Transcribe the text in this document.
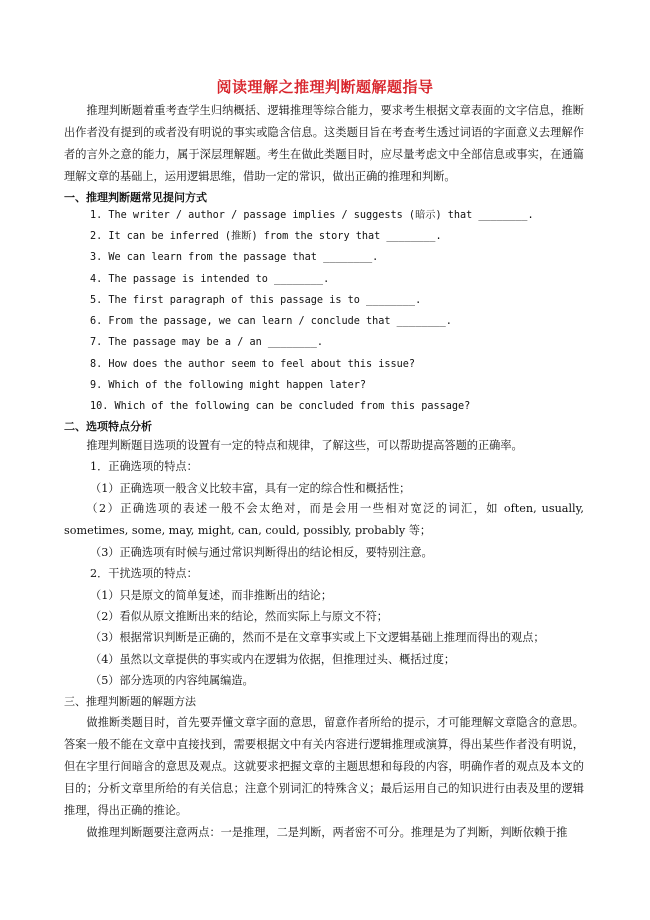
阅读理解之推理判断题解题指导
推理判断题着重考查学生归纳概括、逻辑推理等综合能力，要求考生根据文章表面的文字信息，推断出作者没有提到的或者没有明说的事实或隐含信息。这类题目旨在考查考生透过词语的字面意义去理解作者的言外之意的能力，属于深层理解题。考生在做此类题目时，应尽量考虑文中全部信息或事实，在通篇理解文章的基础上，运用逻辑思维，借助一定的常识，做出正确的推理和判断。
一、推理判断题常见提问方式
1. The writer / author / passage implies / suggests (暗示) that ________.
2. It can be inferred (推断) from the story that ________.
3. We can learn from the passage that ________.
4. The passage is intended to ________.
5. The first paragraph of this passage is to ________.
6. From the passage, we can learn / conclude that ________.
7. The passage may be a / an ________.
8. How does the author seem to feel about this issue?
9. Which of the following might happen later?
10. Which of the following can be concluded from this passage?
二、选项特点分析
推理判断题目选项的设置有一定的特点和规律，了解这些，可以帮助提高答题的正确率。
1．正确选项的特点：
（1）正确选项一般含义比较丰富，具有一定的综合性和概括性；
（2）正确选项的表述一般不会太绝对，而是会用一些相对宽泛的词汇，如 often, usually, sometimes, some, may, might, can, could, possibly, probably 等；
（3）正确选项有时候与通过常识判断得出的结论相反，要特别注意。
2．干扰选项的特点：
（1）只是原文的简单复述，而非推断出的结论；
（2）看似从原文推断出来的结论，然而实际上与原文不符；
（3）根据常识判断是正确的，然而不是在文章事实或上下文逻辑基础上推理而得出的观点；
（4）虽然以文章提供的事实或内在逻辑为依据，但推理过头、概括过度；
（5）部分选项的内容纯属编造。
三、推理判断题的解题方法
做推断类题目时，首先要弄懂文章字面的意思，留意作者所给的提示，才可能理解文章隐含的意思。答案一般不能在文章中直接找到，需要根据文中有关内容进行逻辑推理或演算，得出某些作者没有明说，但在字里行间暗含的意思及观点。这就要求把握文章的主题思想和每段的内容，明确作者的观点及本文的目的；分析文章里所给的有关信息；注意个别词汇的特殊含义；最后运用自己的知识进行由表及里的逻辑推理，得出正确的推论。
做推理判断题要注意两点：一是推理，二是判断，两者密不可分。推理是为了判断，判断依赖于推
